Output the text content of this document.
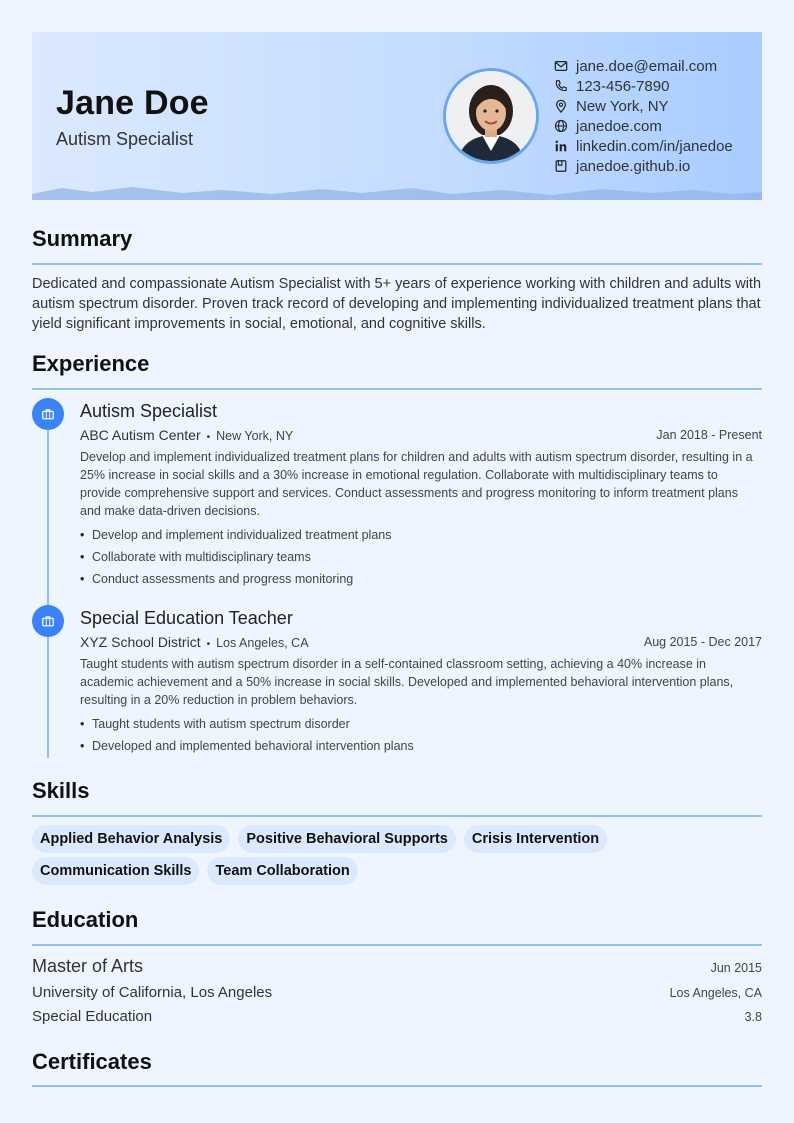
Jane Doe
Autism Specialist
jane.doe@email.com
123-456-7890
New York, NY
janedoe.com
linkedin.com/in/janedoe
janedoe.github.io
Summary
Dedicated and compassionate Autism Specialist with 5+ years of experience working with children and adults with autism spectrum disorder. Proven track record of developing and implementing individualized treatment plans that yield significant improvements in social, emotional, and cognitive skills.
Experience
Autism Specialist
ABC Autism Center • New York, NY	Jan 2018 - Present
Develop and implement individualized treatment plans for children and adults with autism spectrum disorder, resulting in a 25% increase in social skills and a 30% increase in emotional regulation. Collaborate with multidisciplinary teams to provide comprehensive support and services. Conduct assessments and progress monitoring to inform treatment plans and make data-driven decisions.
• Develop and implement individualized treatment plans
• Collaborate with multidisciplinary teams
• Conduct assessments and progress monitoring
Special Education Teacher
XYZ School District • Los Angeles, CA	Aug 2015 - Dec 2017
Taught students with autism spectrum disorder in a self-contained classroom setting, achieving a 40% increase in academic achievement and a 50% increase in social skills. Developed and implemented behavioral intervention plans, resulting in a 20% reduction in problem behaviors.
• Taught students with autism spectrum disorder
• Developed and implemented behavioral intervention plans
Skills
Applied Behavior Analysis	Positive Behavioral Supports	Crisis Intervention
Communication Skills	Team Collaboration
Education
Master of Arts	Jun 2015
University of California, Los Angeles	Los Angeles, CA
Special Education	3.8
Certificates
